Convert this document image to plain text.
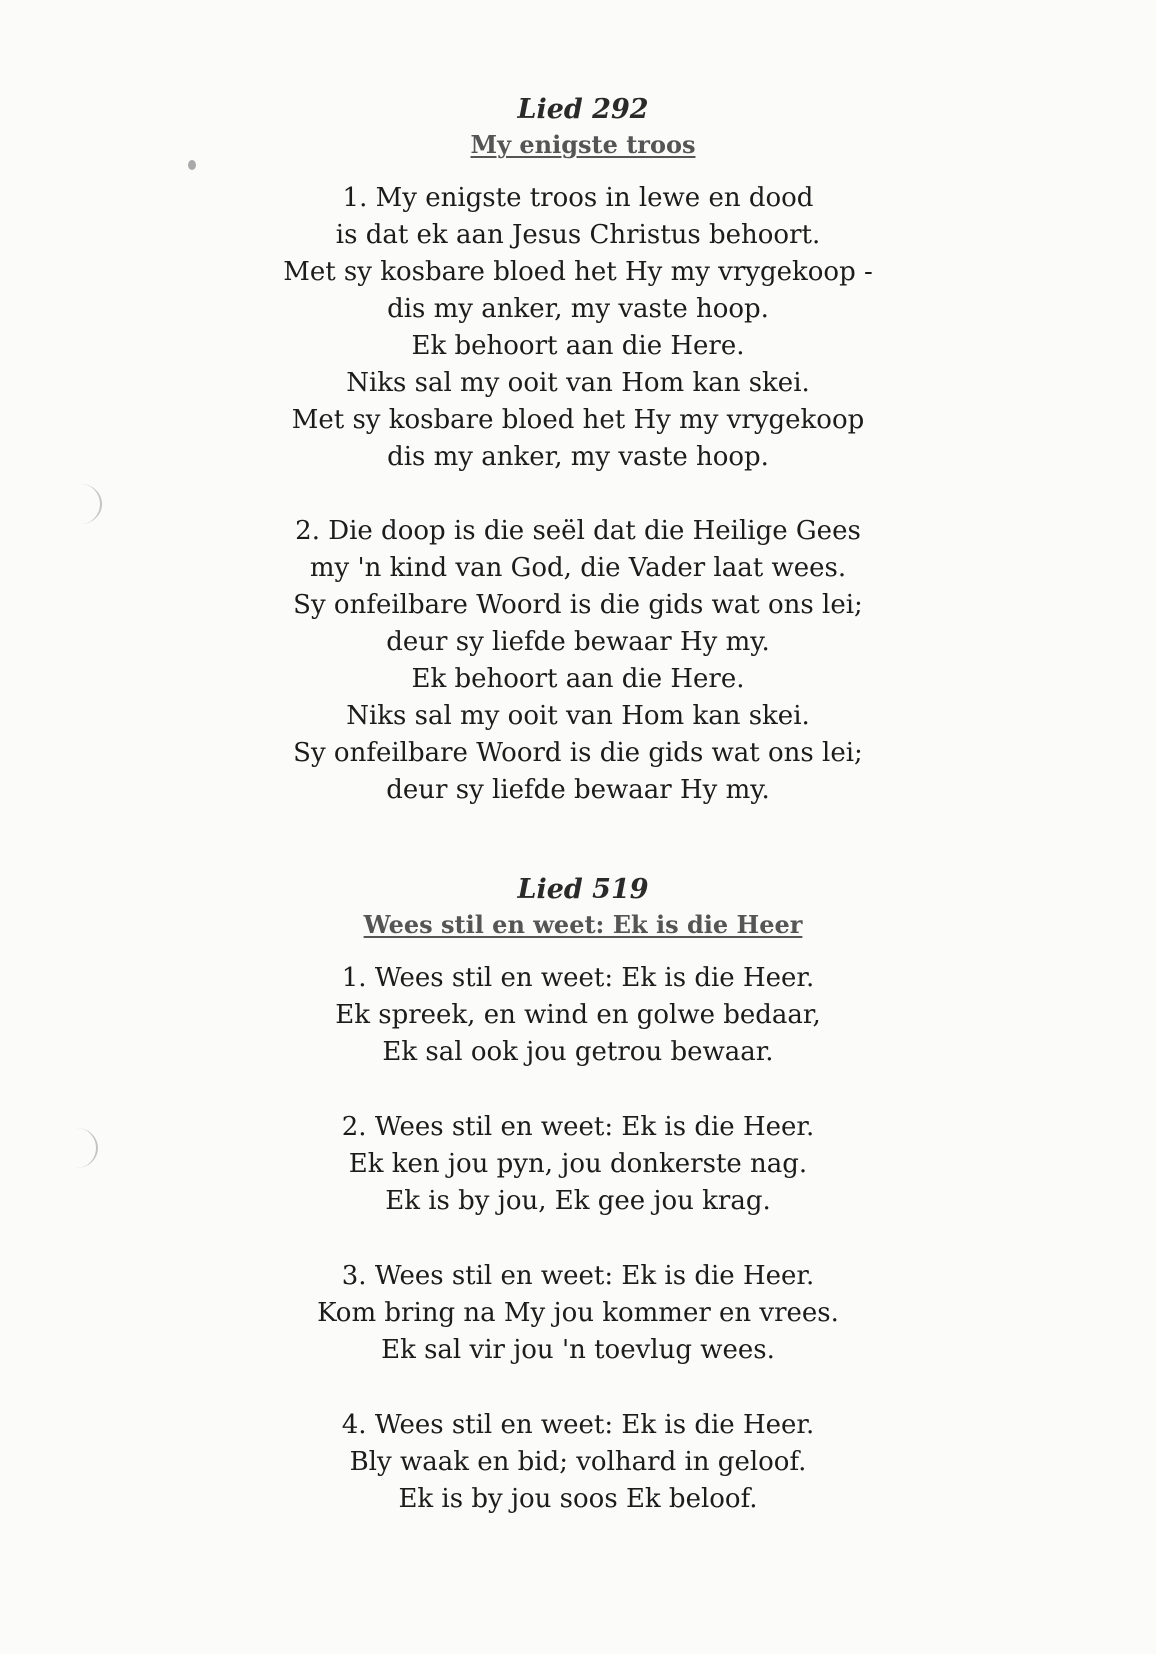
Lied 292
My enigste troos
1. My enigste troos in lewe en dood
is dat ek aan Jesus Christus behoort.
Met sy kosbare bloed het Hy my vrygekoop -
dis my anker, my vaste hoop.
Ek behoort aan die Here.
Niks sal my ooit van Hom kan skei.
Met sy kosbare bloed het Hy my vrygekoop
dis my anker, my vaste hoop.
2. Die doop is die seël dat die Heilige Gees
my 'n kind van God, die Vader laat wees.
Sy onfeilbare Woord is die gids wat ons lei;
deur sy liefde bewaar Hy my.
Ek behoort aan die Here.
Niks sal my ooit van Hom kan skei.
Sy onfeilbare Woord is die gids wat ons lei;
deur sy liefde bewaar Hy my.
Lied 519
Wees stil en weet: Ek is die Heer
1. Wees stil en weet: Ek is die Heer.
Ek spreek, en wind en golwe bedaar,
Ek sal ook jou getrou bewaar.
2. Wees stil en weet: Ek is die Heer.
Ek ken jou pyn, jou donkerste nag.
Ek is by jou, Ek gee jou krag.
3. Wees stil en weet: Ek is die Heer.
Kom bring na My jou kommer en vrees.
Ek sal vir jou 'n toevlug wees.
4. Wees stil en weet: Ek is die Heer.
Bly waak en bid; volhard in geloof.
Ek is by jou soos Ek beloof.
